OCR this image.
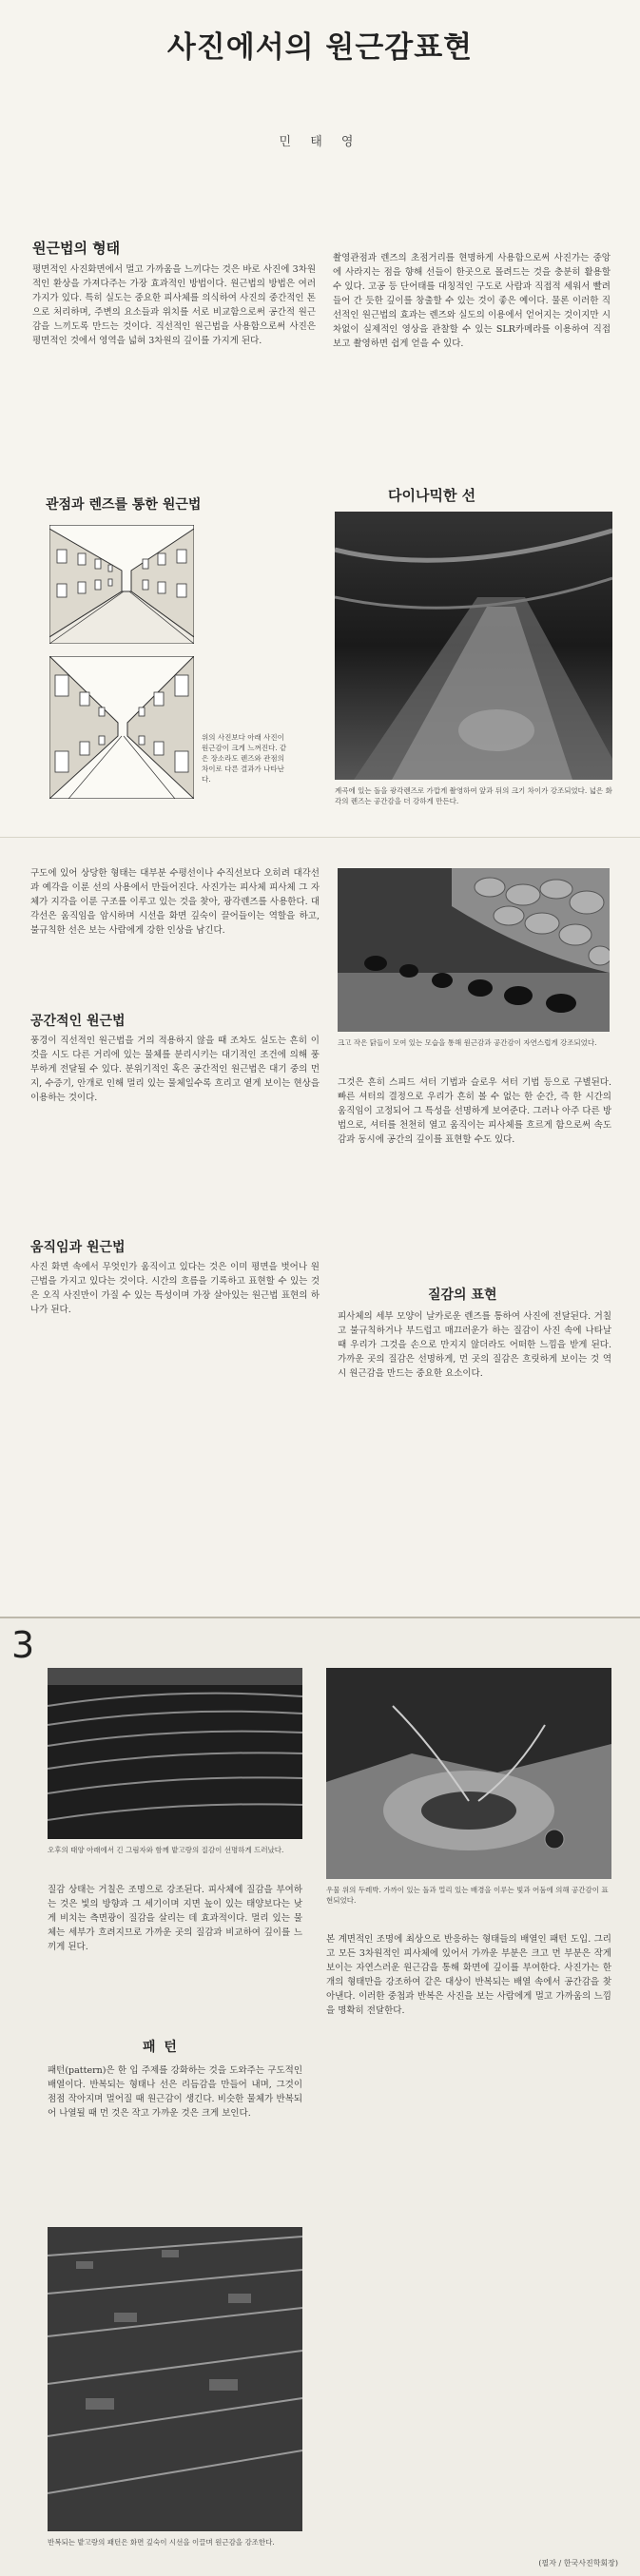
사진에서의 원근감표현
민 태 영
원근법의 형태

평면적인 사진화면에서 멀고 가까움을 느끼다는 것은 바로 사진에 3차원적인 환상을 가져다주는 가장 효과적인 방법이다. 원근법의 방법은 여러가지가 있다. 특히 실도는 중요한 피사체를 의식하여 사진의 중간적인 톤으로 처리하며, 주변의 요소들과 위치를 서로 비교함으로써 공간적 원근감을 느끼도록 만드는 것이다. 직선적인 원근법을 사용함으로써 사진은 평면적인 것에서 영역을 넓혀 3차원의 깊이를 가지게 된다.

촬영관점과 렌즈의 초점거리를 현명하게 사용함으로써 사진가는 중앙에 사라지는 점을 향해 선들이 한곳으로 몰려드는 것을 충분히 활용할 수 있다. 고공 등 단어태를 대칭적인 구도로 사람과 직접적 세워서 빨려들어 간 듯한 깊이를 창출할 수 있는 것이 좋은 예이다. 물론 이러한 직선적인 원근법의 효과는 렌즈와 실도의 이용에서 얻어지는 것이지만 시차없이 실제적인 영상을 관찰할 수 있는 SLR카메라를 이용하여 직접 보고 촬영하면 쉽게 얻을 수 있다.

관점과 렌즈를 통한 원근법

위의 사진보다 아래 사진이 원근감이 크게 느껴진다. 같은 장소라도 렌즈와 관점의 차이로 다른 결과가 나타난다.

다이나믹한 선

계곡에 있는 돌을 광각렌즈로 가깝게 촬영하여 앞과 뒤의 크기 차이가 강조되었다. 넓은 화각의 렌즈는 공간감을 더 강하게 만든다.

구도에 있어 상당한 형태는 대부분 수평선이나 수직선보다 오히려 대각선과 예각을 이룬 선의 사용에서 만들어진다. 사진가는 피사체 피사체 그 자체가 지각을 이룬 구조를 이루고 있는 것을 찾아, 광각렌즈를 사용한다. 대각선은 움직임을 암시하며 시선을 화면 깊숙이 끌어들이는 역할을 하고, 불규칙한 선은 보는 사람에게 강한 인상을 남긴다.

크고 작은 닭들이 모여 있는 모습을 통해 원근감과 공간감이 자연스럽게 강조되었다.

공간적인 원근법

풍경이 직선적인 원근법을 거의 적용하지 않을 때 조차도 실도는 흔히 이것을 시도 다른 거리에 있는 물체를 분리시키는 대기적인 조건에 의해 풍부하게 전달될 수 있다. 분위기적인 혹은 공간적인 원근법은 대기 중의 먼지, 수증기, 안개로 인해 멀리 있는 물체일수록 흐리고 옅게 보이는 현상을 이용하는 것이다.

움직임과 원근법

사진 화면 속에서 무엇인가 움직이고 있다는 것은 이미 평면을 벗어나 원근법을 가지고 있다는 것이다. 시간의 흐름을 기록하고 표현할 수 있는 것은 오직 사진만이 가질 수 있는 특성이며 가장 살아있는 원근법 표현의 하나가 된다.

그것은 흔히 스피드 셔터 기법과 슬로우 셔터 기법 등으로 구별된다. 빠른 셔터의 결정으로 우리가 흔히 볼 수 없는 한 순간, 즉 한 시간의 움직임이 고정되어 그 특성을 선명하게 보여준다. 그러나 아주 다른 방법으로, 셔터를 천천히 열고 움직이는 피사체를 흐르게 함으로써 속도감과 동시에 공간의 깊이를 표현할 수도 있다.

질감의 표현

피사체의 세부 모양이 날카로운 렌즈를 통하여 사진에 전달된다. 거칠고 불규칙하거나 부드럽고 매끄러운가 하는 질감이 사진 속에 나타날 때 우리가 그것을 손으로 만지지 않더라도 어떠한 느낌을 받게 된다. 가까운 곳의 질감은 선명하게, 먼 곳의 질감은 흐릿하게 보이는 것 역시 원근감을 만드는 중요한 요소이다.

3

오후의 태양 아래에서 긴 그림자와 함께 밭고랑의 질감이 선명하게 드러났다.

우물 위의 두레박. 가까이 있는 돌과 멀리 있는 배경을 이루는 빛과 어둠에 의해 공간감이 표현되었다.

질감 상태는 거칠은 조명으로 강조된다. 피사체에 질감을 부여하는 것은 빛의 방향과 그 세기이며 지면 높이 있는 태양보다는 낮게 비치는 측면광이 질감을 살리는 데 효과적이다. 멀리 있는 물체는 세부가 흐려지므로 가까운 곳의 질감과 비교하여 깊이를 느끼게 된다.

패 턴

패턴(pattern)은 한 입 주제를 강화하는 것을 도와주는 구도적인 배열이다. 반복되는 형태나 선은 리듬감을 만들어 내며, 그것이 점점 작아지며 멀어질 때 원근감이 생긴다. 비슷한 물체가 반복되어 나열될 때 먼 것은 작고 가까운 것은 크게 보인다.

반복되는 밭고랑의 패턴은 화면 깊숙이 시선을 이끌며 원근감을 강조한다.

본 계면적인 조명에 최상으로 반응하는 형태들의 배열인 패턴 도입. 그리고 모든 3차원적인 피사체에 있어서 가까운 부분은 크고 먼 부분은 작게 보이는 자연스러운 원근감을 통해 화면에 깊이를 부여한다. 사진가는 한 개의 형태만을 강조하여 같은 대상이 반복되는 배열 속에서 공간감을 찾아낸다. 이러한 중첩과 반복은 사진을 보는 사람에게 멀고 가까움의 느낌을 명확히 전달한다.

(필자 / 한국사진학회장)
